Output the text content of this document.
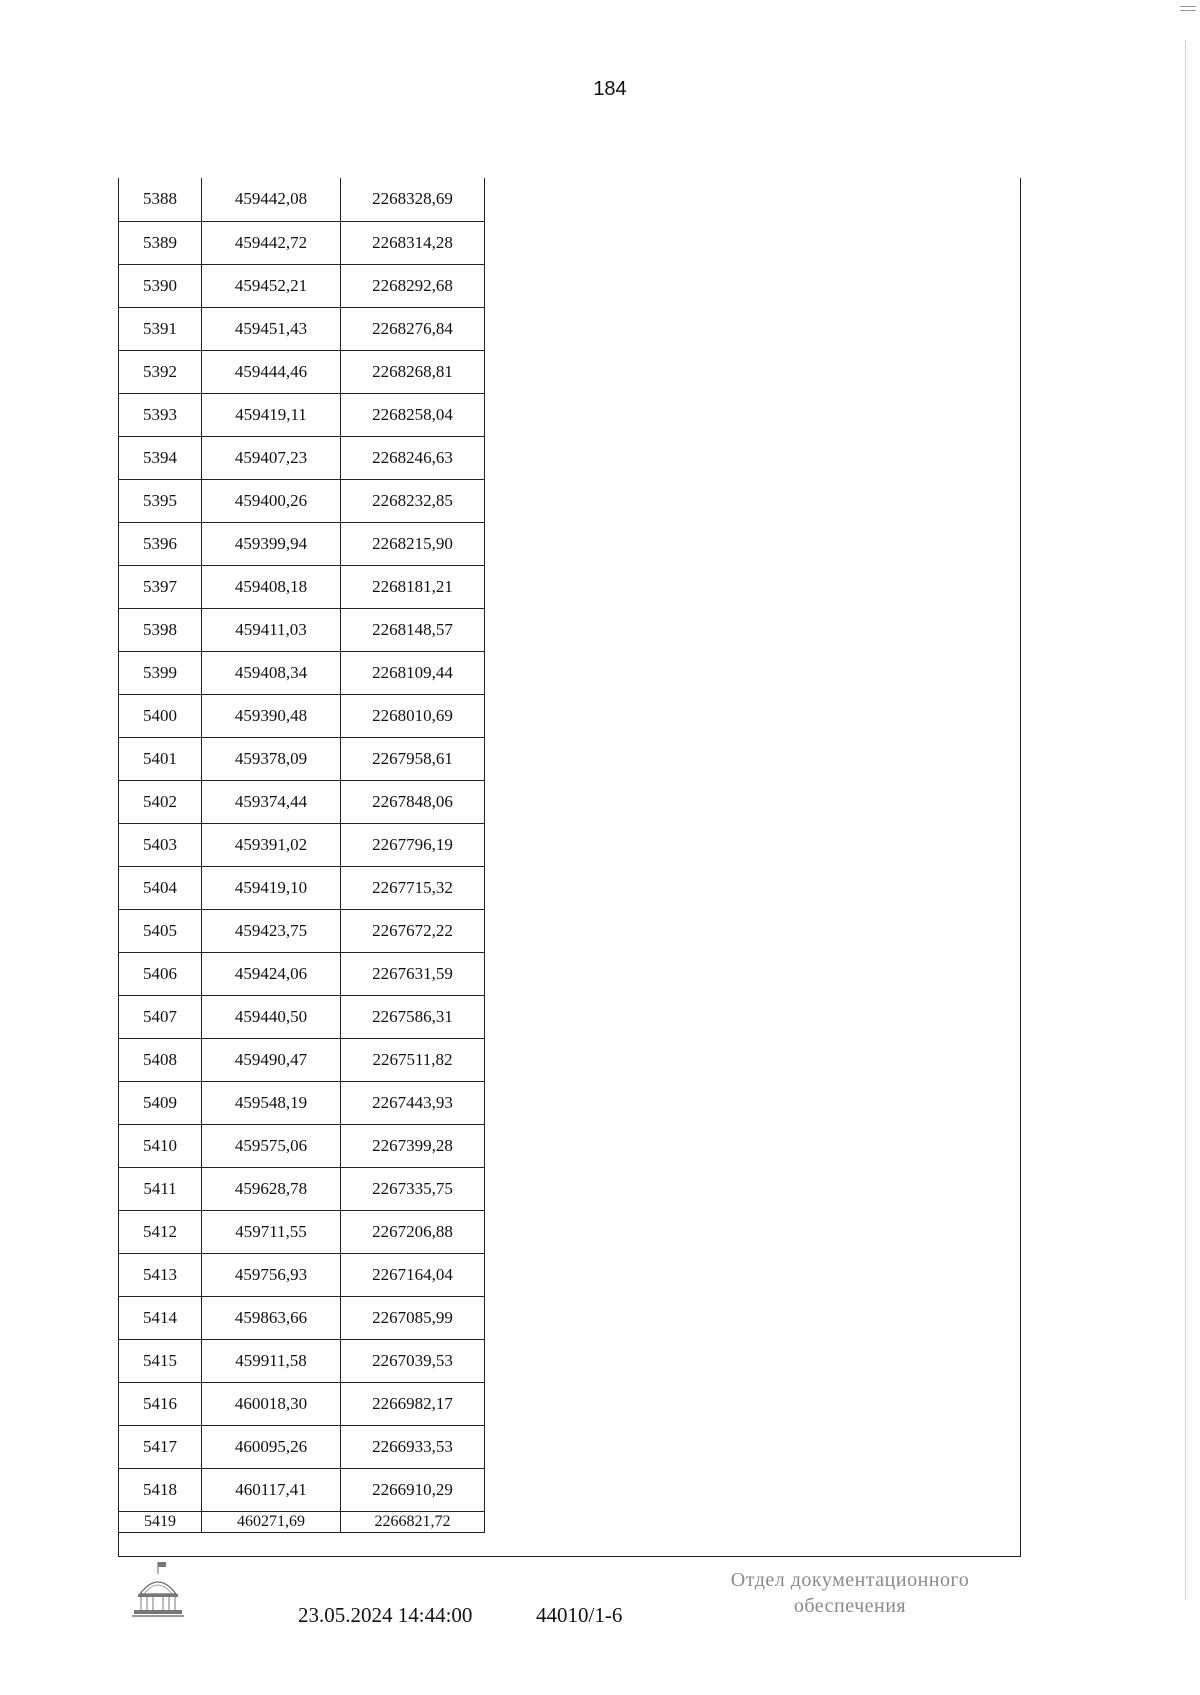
184
5388	459442,08	2268328,69
5389	459442,72	2268314,28
5390	459452,21	2268292,68
5391	459451,43	2268276,84
5392	459444,46	2268268,81
5393	459419,11	2268258,04
5394	459407,23	2268246,63
5395	459400,26	2268232,85
5396	459399,94	2268215,90
5397	459408,18	2268181,21
5398	459411,03	2268148,57
5399	459408,34	2268109,44
5400	459390,48	2268010,69
5401	459378,09	2267958,61
5402	459374,44	2267848,06
5403	459391,02	2267796,19
5404	459419,10	2267715,32
5405	459423,75	2267672,22
5406	459424,06	2267631,59
5407	459440,50	2267586,31
5408	459490,47	2267511,82
5409	459548,19	2267443,93
5410	459575,06	2267399,28
5411	459628,78	2267335,75
5412	459711,55	2267206,88
5413	459756,93	2267164,04
5414	459863,66	2267085,99
5415	459911,58	2267039,53
5416	460018,30	2266982,17
5417	460095,26	2266933,53
5418	460117,41	2266910,29
5419	460271,69	2266821,72
23.05.2024 14:44:00	44010/1-6
Отдел документационного
обеспечения
